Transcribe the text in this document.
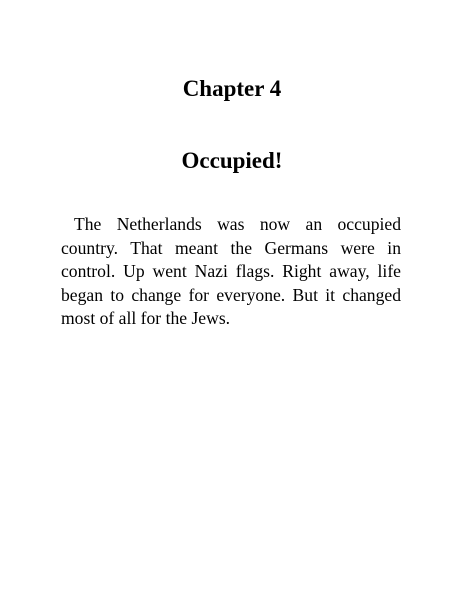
Chapter 4
Occupied!

The Netherlands was now an occupied country. That meant the Germans were in control. Up went Nazi flags. Right away, life began to change for everyone. But it changed most of all for the Jews.
